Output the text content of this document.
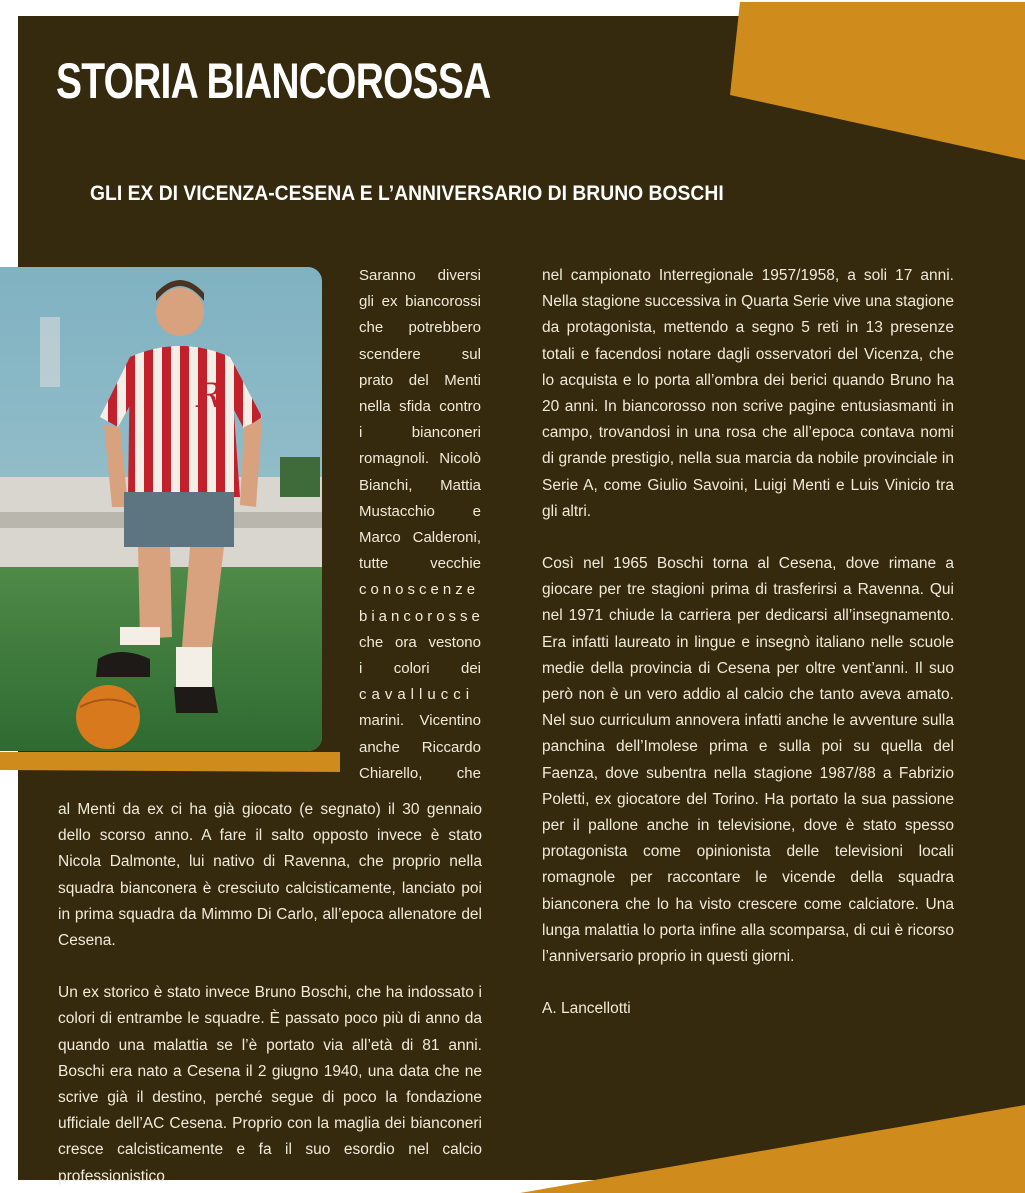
STORIA BIANCOROSSA
GLI EX DI VICENZA-CESENA E L’ANNIVERSARIO DI BRUNO BOSCHI
R
Saranno diversi
gli ex biancorossi
che potrebbero
scendere sul
prato del Menti
nella sfida contro
i bianconeri
romagnoli. Nicolò
Bianchi, Mattia
Mustacchio e
Marco Calderoni,
tutte vecchie
conoscenze
biancorosse
che ora vestono
i colori dei
cavallucci
marini. Vicentino
anche Riccardo
Chiarello, che

al Menti da ex ci ha già giocato (e segnato) il 30 gennaio dello scorso anno. A fare il salto opposto invece è stato Nicola Dalmonte, lui nativo di Ravenna, che proprio nella squadra bianconera è cresciuto calcisticamente, lanciato poi in prima squadra da Mimmo Di Carlo, all’epoca allenatore del Cesena.

Un ex storico è stato invece Bruno Boschi, che ha indossato i colori di entrambe le squadre. È passato poco più di anno da quando una malattia se l’è portato via all’età di 81 anni. Boschi era nato a Cesena il 2 giugno 1940, una data che ne scrive già il destino, perché segue di poco la fondazione ufficiale dell’AC Cesena. Proprio con la maglia dei bianconeri cresce calcisticamente e fa il suo esordio nel calcio professionistico

nel campionato Interregionale 1957/1958, a soli 17 anni. Nella stagione successiva in Quarta Serie vive una stagione da protagonista, mettendo a segno 5 reti in 13 presenze totali e facendosi notare dagli osservatori del Vicenza, che lo acquista e lo porta all’ombra dei berici quando Bruno ha 20 anni. In biancorosso non scrive pagine entusiasmanti in campo, trovandosi in una rosa che all’epoca contava nomi di grande prestigio, nella sua marcia da nobile provinciale in Serie A, come Giulio Savoini, Luigi Menti e Luis Vinicio tra gli altri.

Così nel 1965 Boschi torna al Cesena, dove rimane a giocare per tre stagioni prima di trasferirsi a Ravenna. Qui nel 1971 chiude la carriera per dedicarsi all’insegnamento. Era infatti laureato in lingue e insegnò italiano nelle scuole medie della provincia di Cesena per oltre vent’anni. Il suo però non è un vero addio al calcio che tanto aveva amato. Nel suo curriculum annovera infatti anche le avventure sulla panchina dell’Imolese prima e sulla poi su quella del Faenza, dove subentra nella stagione 1987/88 a Fabrizio Poletti, ex giocatore del Torino. Ha portato la sua passione per il pallone anche in televisione, dove è stato spesso protagonista come opinionista delle televisioni locali romagnole per raccontare le vicende della squadra bianconera che lo ha visto crescere come calciatore. Una lunga malattia lo porta infine alla scomparsa, di cui è ricorso l’anniversario proprio in questi giorni.

A. Lancellotti
